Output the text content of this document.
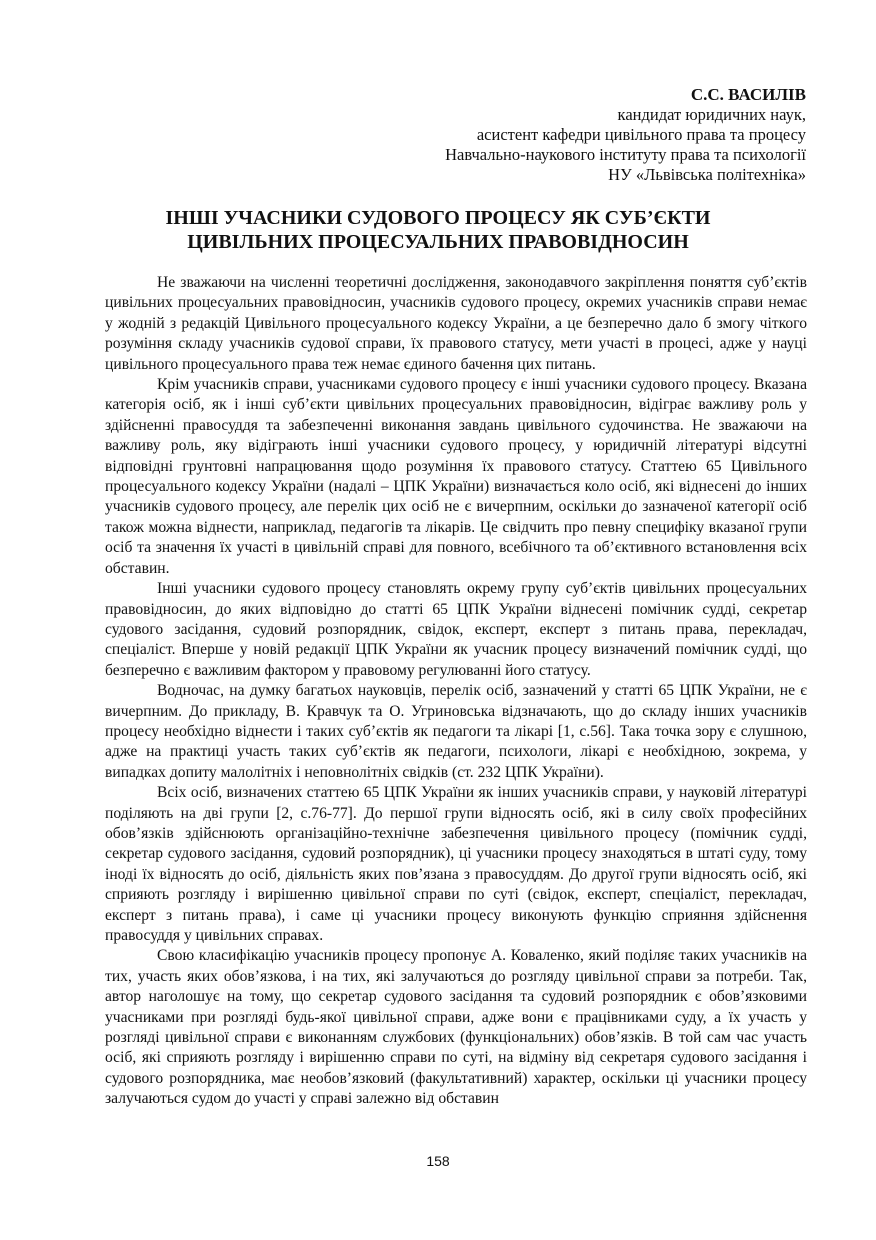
С.С. ВАСИЛІВ
кандидат юридичних наук,
асистент кафедри цивільного права та процесу
Навчально-наукового інституту права та психології
НУ «Львівська політехніка»
ІНШІ УЧАСНИКИ СУДОВОГО ПРОЦЕСУ ЯК СУБ’ЄКТИ
ЦИВІЛЬНИХ ПРОЦЕСУАЛЬНИХ ПРАВОВІДНОСИН

Не зважаючи на численні теоретичні дослідження, законодавчого закріплення поняття суб’єктів цивільних процесуальних правовідносин, учасників судового процесу, окремих учасників справи немає у жодній з редакцій Цивільного процесуального кодексу України, а це безперечно дало б змогу чіткого розуміння складу учасників судової справи, їх правового статусу, мети участі в процесі, адже у науці цивільного процесуального права теж немає єдиного бачення цих питань.

Крім учасників справи, учасниками судового процесу є інші учасники судового процесу. Вказана категорія осіб, як і інші суб’єкти цивільних процесуальних правовідносин, відіграє важливу роль у здійсненні правосуддя та забезпеченні виконання завдань цивільного судочинства. Не зважаючи на важливу роль, яку відіграють інші учасники судового процесу, у юридичній літературі відсутні відповідні грунтовні напрацювання щодо розуміння їх правового статусу. Статтею 65 Цивільного процесуального кодексу України (надалі – ЦПК України) визначається коло осіб, які віднесені до інших учасників судового процесу, але перелік цих осіб не є вичерпним, оскільки до зазначеної категорії осіб також можна віднести, наприклад, педагогів та лікарів. Це свідчить про певну специфіку вказаної групи осіб та значення їх участі в цивільній справі для повного, всебічного та об’єктивного встановлення всіх обставин.

Інші учасники судового процесу становлять окрему групу суб’єктів цивільних процесуальних правовідносин, до яких відповідно до статті 65 ЦПК України віднесені помічник судді, секретар судового засідання, судовий розпорядник, свідок, експерт, експерт з питань права, перекладач, спеціаліст. Вперше у новій редакції ЦПК України як учасник процесу визначений помічник судді, що безперечно є важливим фактором у правовому регулюванні його статусу.

Водночас, на думку багатьох науковців, перелік осіб, зазначений у статті 65 ЦПК України, не є вичерпним. До прикладу, В. Кравчук та О. Угриновська відзначають, що до складу інших учасників процесу необхідно віднести і таких суб’єктів як педагоги та лікарі [1, с.56]. Така точка зору є слушною, адже на практиці участь таких суб’єктів як педагоги, психологи, лікарі є необхідною, зокрема, у випадках допиту малолітніх і неповнолітніх свідків (ст. 232 ЦПК України).

Всіх осіб, визначених статтею 65 ЦПК України як інших учасників справи, у науковій літературі поділяють на дві групи [2, с.76-77]. До першої групи відносять осіб, які в силу своїх професійних обов’язків здійснюють організаційно-технічне забезпечення цивільного процесу (помічник судді, секретар судового засідання, судовий розпорядник), ці учасники процесу знаходяться в штаті суду, тому іноді їх відносять до осіб, діяльність яких пов’язана з правосуддям. До другої групи відносять осіб, які сприяють розгляду і вирішенню цивільної справи по суті (свідок, експерт, спеціаліст, перекладач, експерт з питань права), і саме ці учасники процесу виконують функцію сприяння здійснення правосуддя у цивільних справах.

Свою класифікацію учасників процесу пропонує А. Коваленко, який поділяє таких учасників на тих, участь яких обов’язкова, і на тих, які залучаються до розгляду цивільної справи за потреби. Так, автор наголошує на тому, що секретар судового засідання та судовий розпорядник є обов’язковими учасниками при розгляді будь-якої цивільної справи, адже вони є працівниками суду, а їх участь у розгляді цивільної справи є виконанням службових (функціональних) обов’язків. В той сам час участь осіб, які сприяють розгляду і вирішенню справи по суті, на відміну від секретаря судового засідання і судового розпорядника, має необов’язковий (факультативний) характер, оскільки ці учасники процесу залучаються судом до участі у справі залежно від обставин

158
